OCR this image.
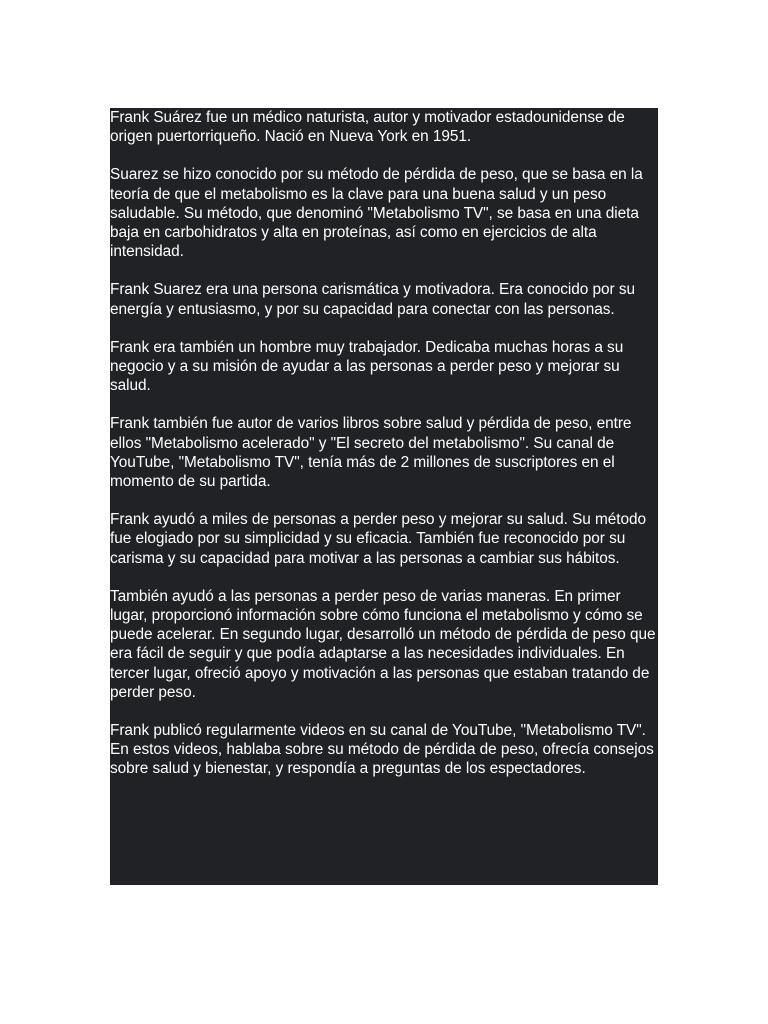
Frank Suárez fue un médico naturista, autor y motivador estadounidense de origen puertorriqueño. Nació en Nueva York en 1951.

Suarez se hizo conocido por su método de pérdida de peso, que se basa en la teoría de que el metabolismo es la clave para una buena salud y un peso saludable. Su método, que denominó "Metabolismo TV", se basa en una dieta baja en carbohidratos y alta en proteínas, así como en ejercicios de alta intensidad.

Frank Suarez era una persona carismática y motivadora. Era conocido por su energía y entusiasmo, y por su capacidad para conectar con las personas.

Frank era también un hombre muy trabajador. Dedicaba muchas horas a su negocio y a su misión de ayudar a las personas a perder peso y mejorar su salud.

Frank también fue autor de varios libros sobre salud y pérdida de peso, entre ellos "Metabolismo acelerado" y "El secreto del metabolismo". Su canal de YouTube, "Metabolismo TV", tenía más de 2 millones de suscriptores en el momento de su partida.

Frank ayudó a miles de personas a perder peso y mejorar su salud. Su método fue elogiado por su simplicidad y su eficacia. También fue reconocido por su carisma y su capacidad para motivar a las personas a cambiar sus hábitos.

También ayudó a las personas a perder peso de varias maneras. En primer lugar, proporcionó información sobre cómo funciona el metabolismo y cómo se puede acelerar. En segundo lugar, desarrolló un método de pérdida de peso que era fácil de seguir y que podía adaptarse a las necesidades individuales. En tercer lugar, ofreció apoyo y motivación a las personas que estaban tratando de perder peso.

Frank publicó regularmente videos en su canal de YouTube, "Metabolismo TV". En estos videos, hablaba sobre su método de pérdida de peso, ofrecía consejos sobre salud y bienestar, y respondía a preguntas de los espectadores.
